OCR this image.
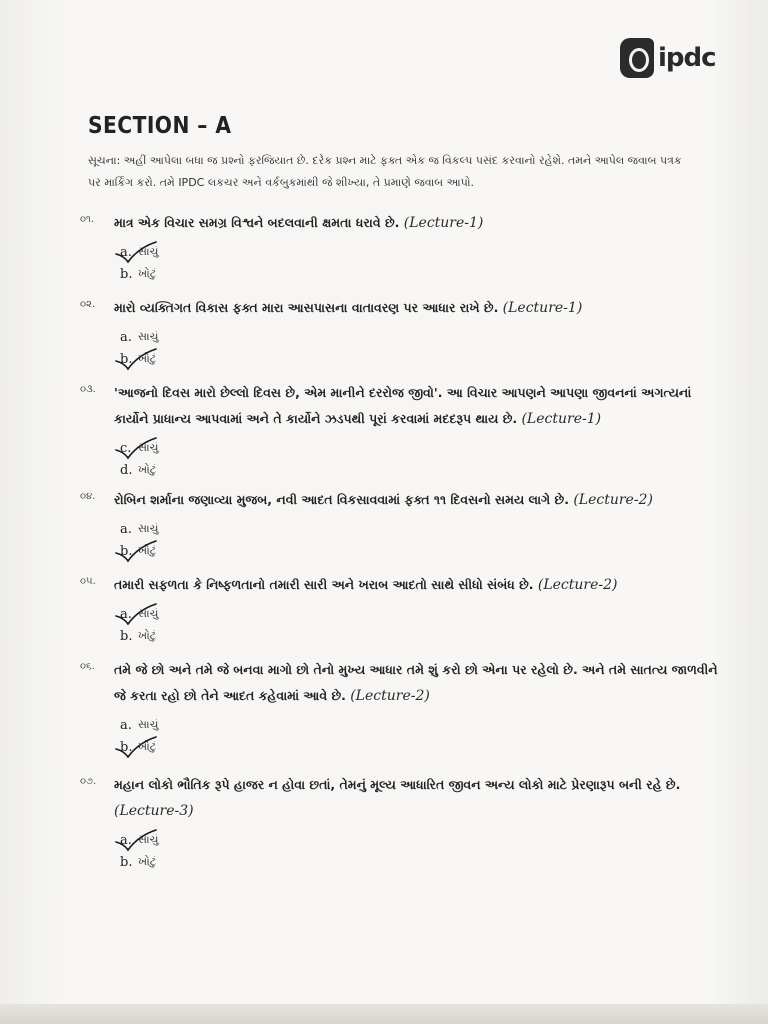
ipdc
SECTION – A
સૂચના: અહીં આપેલા બધા જ પ્રશ્નો ફરજિયાત છે. દરેક પ્રશ્ન માટે ફક્ત એક જ વિકલ્પ પસંદ કરવાનો રહેશે. તમને આપેલ જવાબ પત્રક પર માર્કિંગ કરો. તમે IPDC લકચર અને વર્કબુકમાંથી જે શીખ્યા, તે પ્રમાણે જવાબ આપો.
૦૧.	માત્ર એક વિચાર સમગ્ર વિશ્વને બદલવાની ક્ષમતા ધરાવે છે. (Lecture-1)
a. સાચું
b. ખોટું
૦૨.	મારો વ્યક્તિગત વિકાસ ફક્ત મારા આસપાસના વાતાવરણ પર આધાર રાખે છે. (Lecture-1)
a. સાચું
b. ખોટું
૦૩.	'આજનો દિવસ મારો છેલ્લો દિવસ છે, એમ માનીને દરરોજ જીવો'. આ વિચાર આપણને આપણા જીવનનાં અગત્યનાં કાર્યોને પ્રાધાન્ય આપવામાં અને તે કાર્યોને ઝડપથી પૂરાં કરવામાં મદદરૂપ થાય છે. (Lecture-1)
c. સાચું
d. ખોટું
૦૪.	રોબિન શર્માના જણાવ્યા મુજબ, નવી આદત વિકસાવવામાં ફક્ત ૧૧ દિવસનો સમય લાગે છે. (Lecture-2)
a. સાચું
b. ખોટું
૦૫.	તમારી સફળતા કે નિષ્ફળતાનો તમારી સારી અને ખરાબ આદતો સાથે સીધો સંબંધ છે. (Lecture-2)
a. સાચું
b. ખોટું
૦૬.	તમે જે છો અને તમે જે બનવા માગો છો તેનો મુખ્ય આધાર તમે શું કરો છો એના પર રહેલો છે. અને તમે સાતત્ય જાળવીને જે કરતા રહો છો તેને આદત કહેવામાં આવે છે. (Lecture-2)
a. સાચું
b. ખોટું
૦૭.	મહાન લોકો ભૌતિક રૂપે હાજર ન હોવા છતાં, તેમનું મૂલ્ય આધારિત જીવન અન્ય લોકો માટે પ્રેરણારૂપ બની રહે છે. (Lecture-3)
a. સાચું
b. ખોટું
